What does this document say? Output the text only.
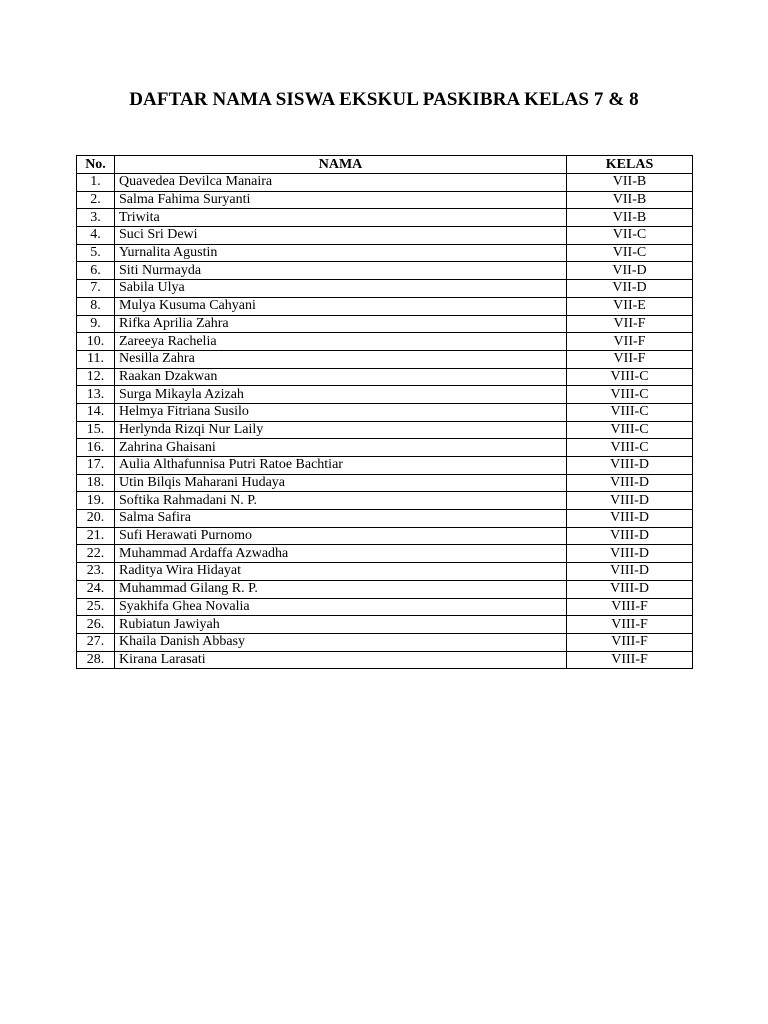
DAFTAR NAMA SISWA EKSKUL PASKIBRA KELAS 7 & 8
No.	NAMA	KELAS
1.	Quavedea Devilca Manaira	VII-B
2.	Salma Fahima Suryanti	VII-B
3.	Triwita	VII-B
4.	Suci Sri Dewi	VII-C
5.	Yurnalita Agustin	VII-C
6.	Siti Nurmayda	VII-D
7.	Sabila Ulya	VII-D
8.	Mulya Kusuma Cahyani	VII-E
9.	Rifka Aprilia Zahra	VII-F
10.	Zareeya Rachelia	VII-F
11.	Nesilla Zahra	VII-F
12.	Raakan Dzakwan	VIII-C
13.	Surga Mikayla Azizah	VIII-C
14.	Helmya Fitriana Susilo	VIII-C
15.	Herlynda Rizqi Nur Laily	VIII-C
16.	Zahrina Ghaisani	VIII-C
17.	Aulia Althafunnisa Putri Ratoe Bachtiar	VIII-D
18.	Utin Bilqis Maharani Hudaya	VIII-D
19.	Softika Rahmadani N. P.	VIII-D
20.	Salma Safira	VIII-D
21.	Sufi Herawati Purnomo	VIII-D
22.	Muhammad Ardaffa Azwadha	VIII-D
23.	Raditya Wira Hidayat	VIII-D
24.	Muhammad Gilang R. P.	VIII-D
25.	Syakhifa Ghea Novalia	VIII-F
26.	Rubiatun Jawiyah	VIII-F
27.	Khaila Danish Abbasy	VIII-F
28.	Kirana Larasati	VIII-F
